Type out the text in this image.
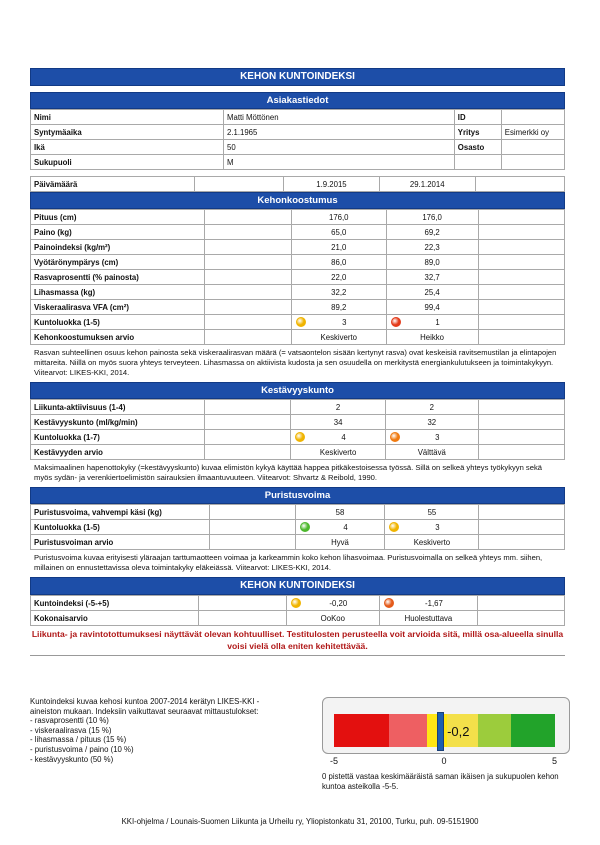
KEHON KUNTOINDEKSI
Asiakastiedot
Nimi	Matti Möttönen	ID	
Syntymäaika	2.1.1965	Yritys	Esimerkki oy
Ikä	50	Osasto	
Sukupuoli	M		
Päivämäärä		1.9.2015	29.1.2014	
Kehonkoostumus
Pituus (cm)		176,0	176,0	
Paino (kg)		65,0	69,2	
Painoindeksi (kg/m²)		21,0	22,3	
Vyötärönympärys (cm)		86,0	89,0	
Rasvaprosentti (% painosta)		22,0	32,7	
Lihasmassa (kg)		32,2	25,4	
Viskeraalirasva VFA (cm²)		89,2	99,4	
Kuntoluokka (1-5)		3	1	

Kehonkoostumuksen arvio		Keskiverto	Heikko	
Rasvan suhteellinen osuus kehon painosta sekä viskeraalirasvan määrä (= vatsaontelon sisään kertynyt rasva) ovat keskeisiä ravitsemustilan ja elintapojen mittareita. Niillä on myös suora yhteys terveyteen. Lihasmassa on aktiivista kudosta ja sen osuudella on merkitystä energiankulutukseen ja toimintakykyyn. Viitearvot: LIKES-KKI, 2014.
Kestävyyskunto
Liikunta-aktiivisuus (1-4)		2	2	
Kestävyyskunto (ml/kg/min)		34	32	
Kuntoluokka (1-7)		4	3	

Kestävyyden arvio		Keskiverto	Välttävä	
Maksimaalinen hapenottokyky (=kestävyyskunto) kuvaa elimistön kykyä käyttää happea pitkäkestoisessa työssä. Sillä on selkeä yhteys työkykyyn sekä myös sydän- ja verenkiertoelimistön sairauksien ilmaantuvuuteen. Viitearvot: Shvartz & Reibold, 1990.
Puristusvoima
Puristusvoima, vahvempi käsi (kg)		58	55	
Kuntoluokka (1-5)		4	3	

Puristusvoiman arvio		Hyvä	Keskiverto	
Puristusvoima kuvaa erityisesti yläraajan tarttumaotteen voimaa ja karkeammin koko kehon lihasvoimaa. Puristusvoimalla on selkeä yhteys mm. siihen, millainen on ennustettavissa oleva toimintakyky eläkeiässä. Viitearvot: LIKES-KKI, 2014.
KEHON KUNTOINDEKSI
Kuntoindeksi (-5-+5)		-0,20	-1,67	

Kokonaisarvio		OoKoo	Huolestuttava	
Liikunta- ja ravintotottumuksesi näyttävät olevan kohtuulliset. Testitulosten perusteella voit arvioida sitä, millä osa-alueella sinulla voisi vielä olla eniten kehitettävää.
Kuntoindeksi kuvaa kehosi kuntoa 2007-2014 kerätyn LIKES-KKI -aineiston mukaan. Indeksiin vaikuttavat seuraavat mittaustulokset:
- rasvaprosentti (10 %)
- viskeraalirasva (15 %)
- lihasmassa / pituus (15 %)
- puristusvoima / paino (10 %)
- kestävyyskunto (50 %)
-0,2
-5	0	5
0 pistettä vastaa keskimääräistä saman ikäisen ja sukupuolen kehon kuntoa asteikolla -5-5.
KKI-ohjelma / Lounais-Suomen Liikunta ja Urheilu ry, Yliopistonkatu 31, 20100, Turku, puh. 09-5151900
